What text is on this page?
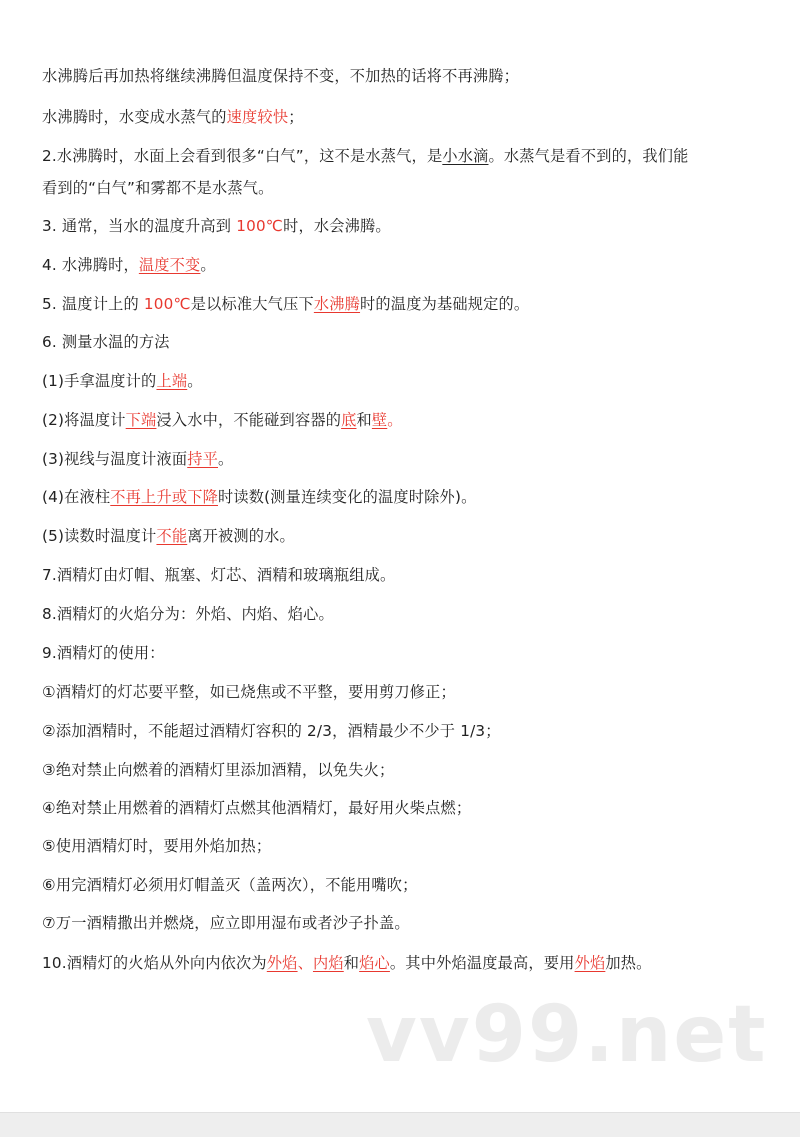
水沸腾后再加热将继续沸腾但温度保持不变，不加热的话将不再沸腾；
水沸腾时，水变成水蒸气的速度较快；
2.水沸腾时，水面上会看到很多“白气”，这不是水蒸气，是小水滴。水蒸气是看不到的，我们能
看到的“白气”和雾都不是水蒸气。
3. 通常，当水的温度升高到 100℃时，水会沸腾。
4. 水沸腾时，温度不变。
5. 温度计上的 100℃是以标准大气压下水沸腾时的温度为基础规定的。
6. 测量水温的方法
(1)手拿温度计的上端。
(2)将温度计下端浸入水中，不能碰到容器的底和壁。
(3)视线与温度计液面持平。
(4)在液柱不再上升或下降时读数(测量连续变化的温度时除外)。
(5)读数时温度计不能离开被测的水。
7.酒精灯由灯帽、瓶塞、灯芯、酒精和玻璃瓶组成。
8.酒精灯的火焰分为：外焰、内焰、焰心。
9.酒精灯的使用：
①酒精灯的灯芯要平整，如已烧焦或不平整，要用剪刀修正；
②添加酒精时，不能超过酒精灯容积的 2/3，酒精最少不少于 1/3；
③绝对禁止向燃着的酒精灯里添加酒精，以免失火；
④绝对禁止用燃着的酒精灯点燃其他酒精灯，最好用火柴点燃；
⑤使用酒精灯时，要用外焰加热；
⑥用完酒精灯必须用灯帽盖灭（盖两次），不能用嘴吹；
⑦万一酒精撒出并燃烧，应立即用湿布或者沙子扑盖。
10.酒精灯的火焰从外向内依次为外焰、内焰和焰心。其中外焰温度最高，要用外焰加热。
vv99.net
